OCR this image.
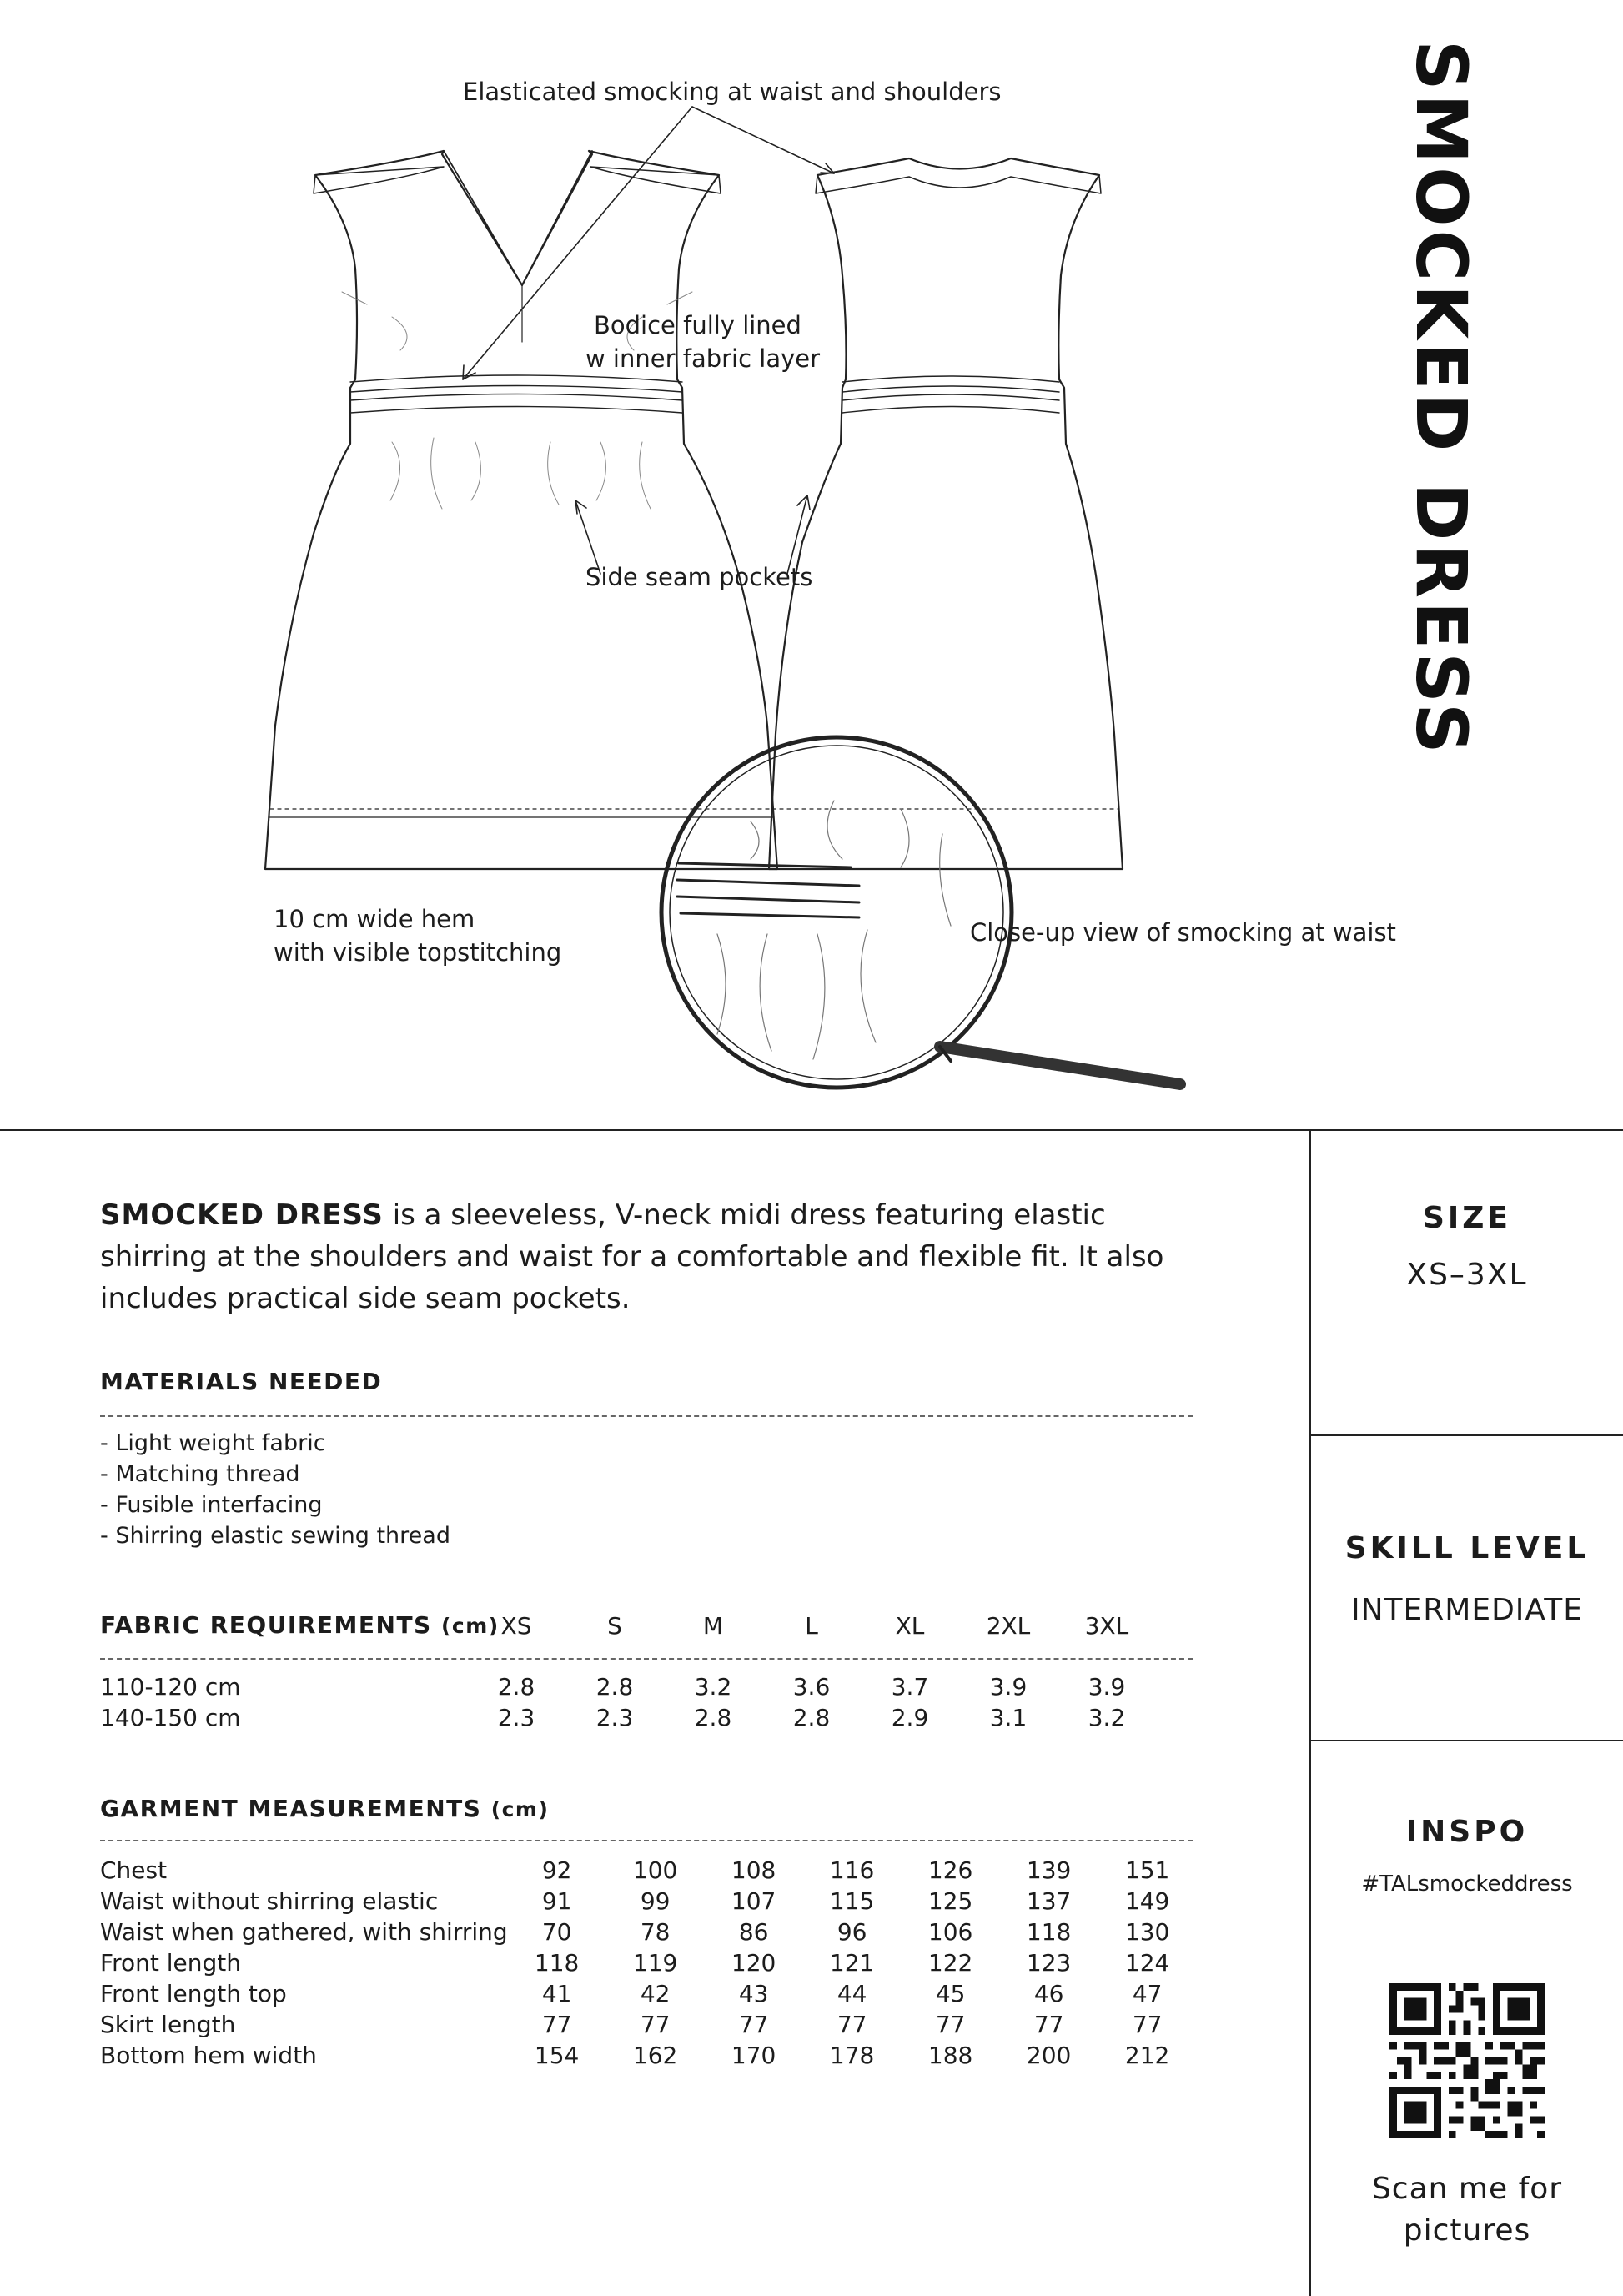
SMOCKED DRESS
Elasticated smocking at waist and shoulders
Bodice fully lined
w inner fabric layer
Side seam pockets
10 cm wide hem
with visible topstitching
Close-up view of smocking at waist
SMOCKED DRESS is a sleeveless, V-neck midi dress featuring elastic shirring at the shoulders and waist for a comfortable and flexible fit. It also includes practical side seam pockets.
MATERIALS NEEDED
- Light weight fabric
- Matching thread
- Fusible interfacing
- Shirring elastic sewing thread
FABRIC REQUIREMENTS (cm) XS	S	M	L	XL	2XL	3XL
110-120 cm	2.8	2.8	3.2	3.6	3.7	3.9	3.9
140-150 cm	2.3	2.3	2.8	2.8	2.9	3.1	3.2
GARMENT MEASUREMENTS (cm)
Chest	92	100	108	116	126	139	151
Waist without shirring elastic	91	99	107	115	125	137	149
Waist when gathered, with shirring	70	78	86	96	106	118	130
Front length	118	119	120	121	122	123	124
Front length top	41	42	43	44	45	46	47
Skirt length	77	77	77	77	77	77	77
Bottom hem width	154	162	170	178	188	200	212
SIZE
XS–3XL
SKILL LEVEL
INTERMEDIATE
INSPO
#TALsmockeddress
Scan me for
pictures
